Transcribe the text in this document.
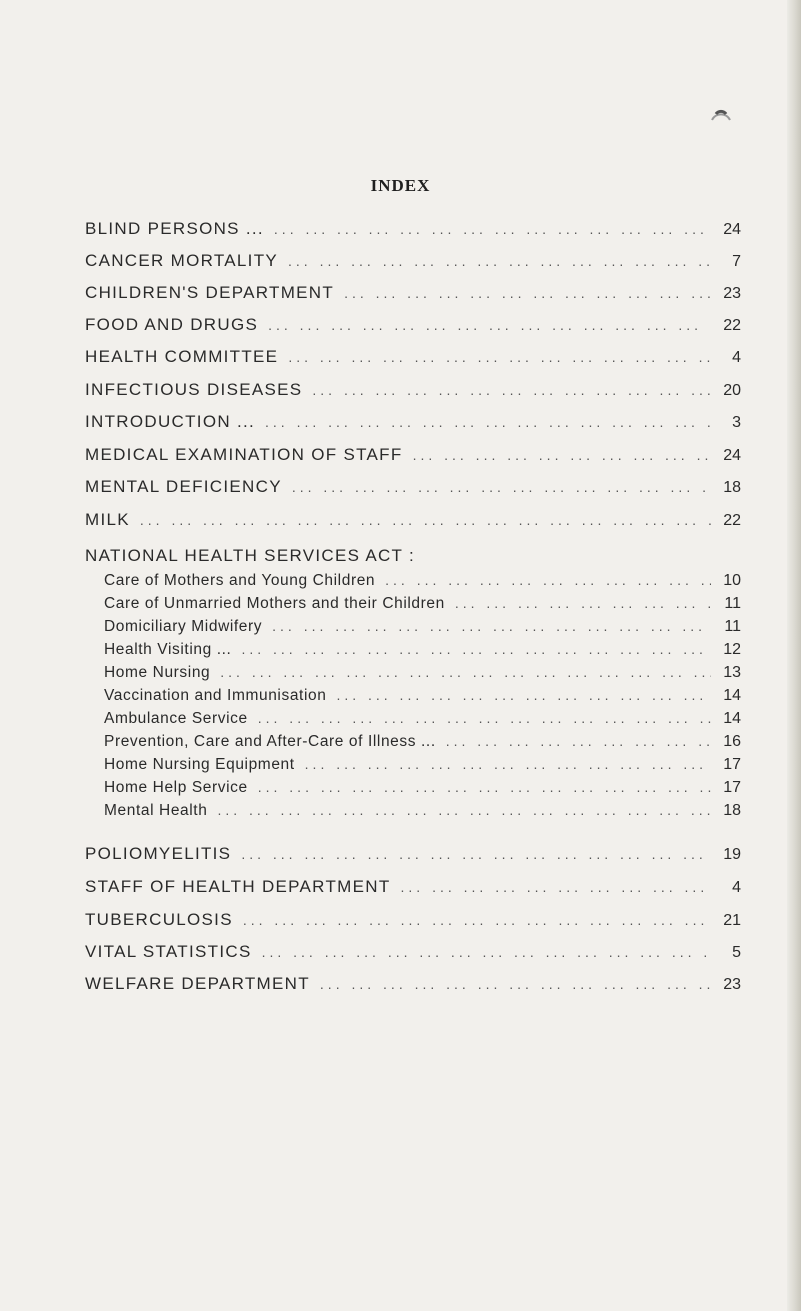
INDEX
BLIND PERSONS ... ... .	24
CANCER MORTALITY ... .	7
CHILDREN'S DEPARTMENT ... .	23
FOOD AND DRUGS ... .	22
HEALTH COMMITTEE ... .	4
INFECTIOUS DISEASES ... .	20
INTRODUCTION ... ... .	3
MEDICAL EXAMINATION OF STAFF ... .	24
MENTAL DEFICIENCY ... .	18
MILK ... .	22
NATIONAL HEALTH SERVICES ACT :
Care of Mothers and Young Children ... .	10
Care of Unmarried Mothers and their Children ... .	11
Domiciliary Midwifery ... .	11
Health Visiting ... ... .	12
Home Nursing ... .	13
Vaccination and Immunisation ... .	14
Ambulance Service ... .	14
Prevention, Care and After-Care of Illness ... ... .	16
Home Nursing Equipment ... .	17
Home Help Service ... .	17
Mental Health ... .	18
POLIOMYELITIS ... .	19
STAFF OF HEALTH DEPARTMENT ... .	4
TUBERCULOSIS ... .	21
VITAL STATISTICS ... .	5
WELFARE DEPARTMENT ... .	23
